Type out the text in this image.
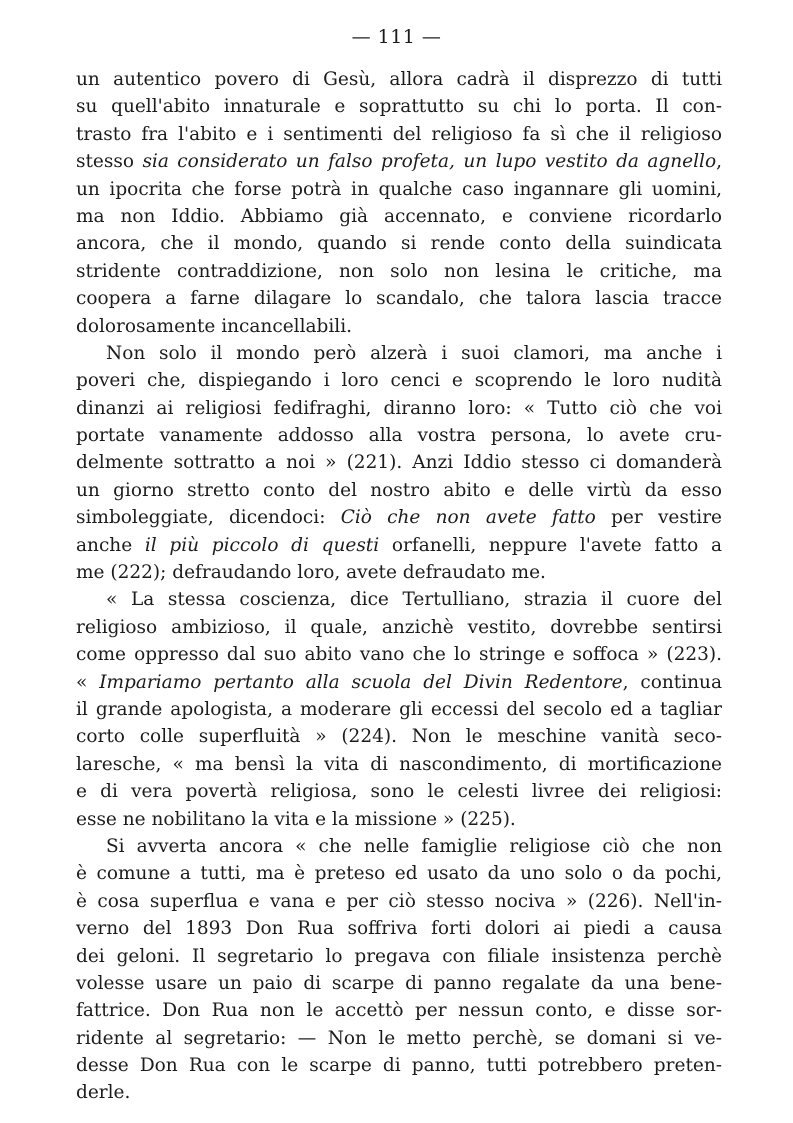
— 111 —
un autentico povero di Gesù, allora cadrà il disprezzo di tutti
su quell'abito innaturale e soprattutto su chi lo porta. Il con-
trasto fra l'abito e i sentimenti del religioso fa sì che il religioso
stesso sia considerato un falso profeta, un lupo vestito da agnello,
un ipocrita che forse potrà in qualche caso ingannare gli uomini,
ma non Iddio. Abbiamo già accennato, e conviene ricordarlo
ancora, che il mondo, quando si rende conto della suindicata
stridente contraddizione, non solo non lesina le critiche, ma
coopera a farne dilagare lo scandalo, che talora lascia tracce
dolorosamente incancellabili.
Non solo il mondo però alzerà i suoi clamori, ma anche i
poveri che, dispiegando i loro cenci e scoprendo le loro nudità
dinanzi ai religiosi fedifraghi, diranno loro: « Tutto ciò che voi
portate vanamente addosso alla vostra persona, lo avete cru-
delmente sottratto a noi » (221). Anzi Iddio stesso ci domanderà
un giorno stretto conto del nostro abito e delle virtù da esso
simboleggiate, dicendoci: Ciò che non avete fatto per vestire
anche il più piccolo di questi orfanelli, neppure l'avete fatto a
me (222); defraudando loro, avete defraudato me.
« La stessa coscienza, dice Tertulliano, strazia il cuore del
religioso ambizioso, il quale, anzichè vestito, dovrebbe sentirsi
come oppresso dal suo abito vano che lo stringe e soffoca » (223).
« Impariamo pertanto alla scuola del Divin Redentore, continua
il grande apologista, a moderare gli eccessi del secolo ed a tagliar
corto colle superfluità » (224). Non le meschine vanità seco-
laresche, « ma bensì la vita di nascondimento, di mortificazione
e di vera povertà religiosa, sono le celesti livree dei religiosi:
esse ne nobilitano la vita e la missione » (225).
Si avverta ancora « che nelle famiglie religiose ciò che non
è comune a tutti, ma è preteso ed usato da uno solo o da pochi,
è cosa superflua e vana e per ciò stesso nociva » (226). Nell'in-
verno del 1893 Don Rua soffriva forti dolori ai piedi a causa
dei geloni. Il segretario lo pregava con filiale insistenza perchè
volesse usare un paio di scarpe di panno regalate da una bene-
fattrice. Don Rua non le accettò per nessun conto, e disse sor-
ridente al segretario: — Non le metto perchè, se domani si ve-
desse Don Rua con le scarpe di panno, tutti potrebbero preten-
derle.
